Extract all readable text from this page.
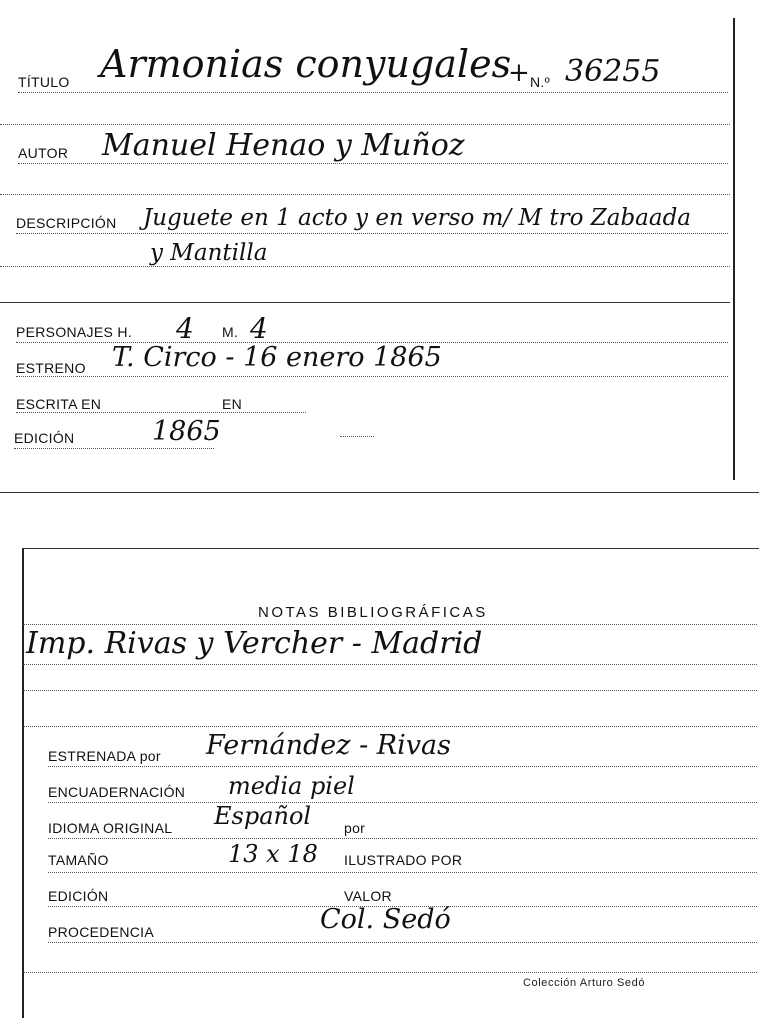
TÍTULO Armonias conyugales
+ N.º 36255
AUTOR Manuel Henao y Muñoz
DESCRIPCIÓN Juguete en 1 acto y en verso m/ M tro Zabaada
y Mantilla
PERSONAJES H. 4 M. 4
ESTRENO T. Circo - 16 enero 1865
ESCRITA EN	EN
EDICIÓN	1865
NOTAS BIBLIOGRÁFICAS
Imp. Rivas y Vercher - Madrid
ESTRENADA por Fernández - Rivas
ENCUADERNACIÓN media piel
IDIOMA ORIGINAL Español por
TAMAÑO	13 x 18 ILUSTRADO POR
EDICIÓN	VALOR
PROCEDENCIA	Col. Sedó
Colección Arturo Sedó
